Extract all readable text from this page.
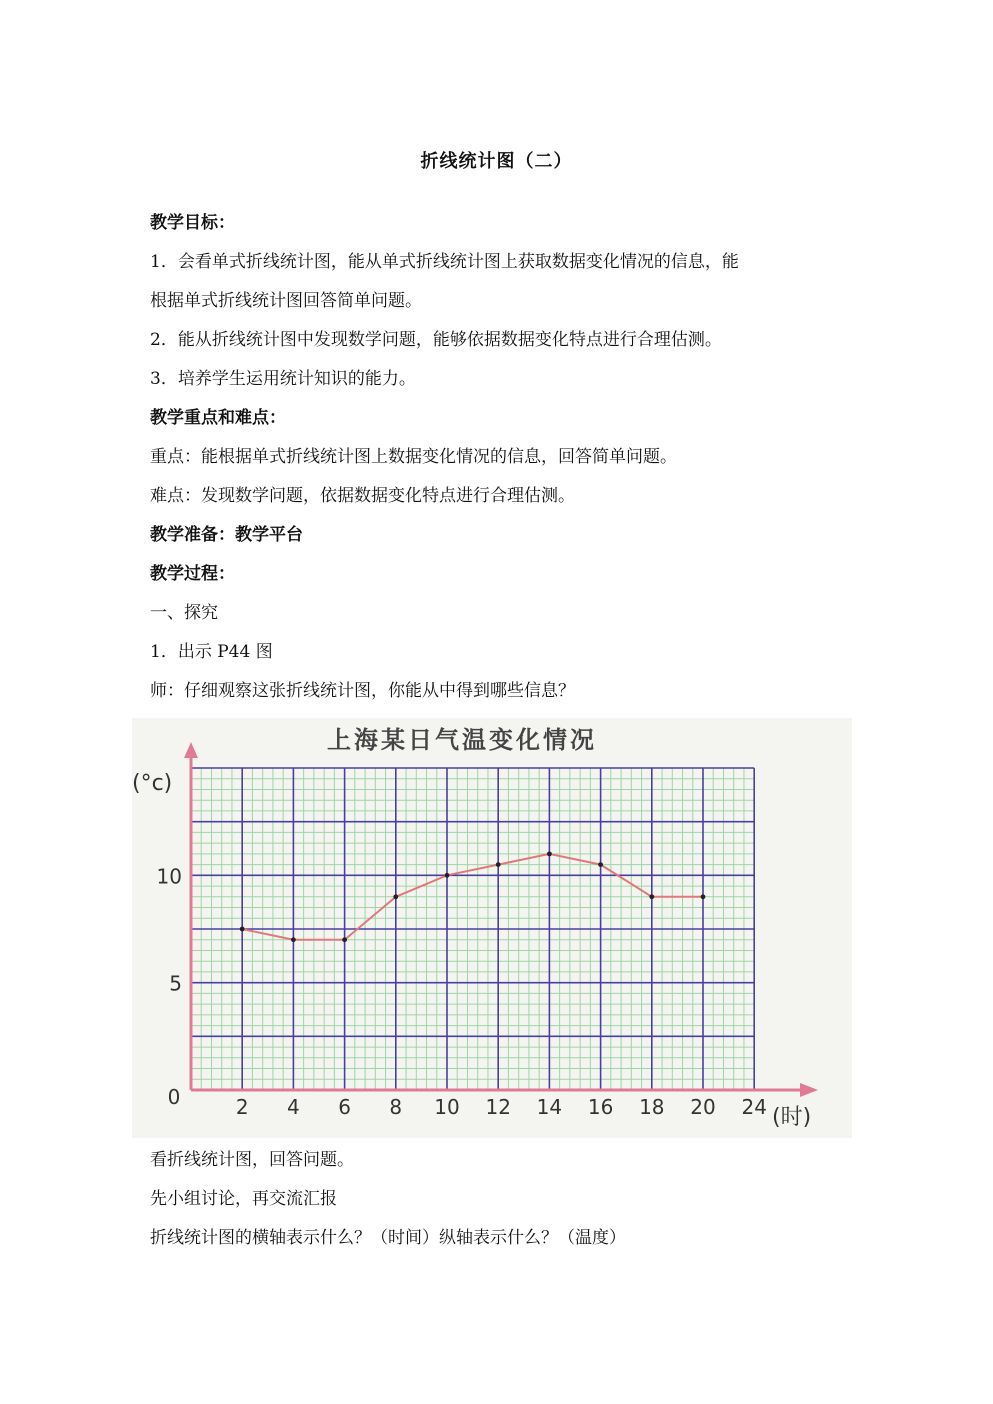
折线统计图（二）
教学目标：
1．会看单式折线统计图，能从单式折线统计图上获取数据变化情况的信息，能
根据单式折线统计图回答简单问题。
2．能从折线统计图中发现数学问题，能够依据数据变化特点进行合理估测。
3．培养学生运用统计知识的能力。
教学重点和难点：
重点：能根据单式折线统计图上数据变化情况的信息，回答简单问题。
难点：发现数学问题，依据数据变化特点进行合理估测。
教学准备：教学平台
教学过程：
一、探究
1．出示 P44 图
师：仔细观察这张折线统计图，你能从中得到哪些信息？
上海某日气温变化情况
(°c)
(时)
0	2 4 6 8 10 12 14 16 18 20 24
5
10
看折线统计图，回答问题。
先小组讨论，再交流汇报
折线统计图的横轴表示什么？（时间）纵轴表示什么？（温度）
